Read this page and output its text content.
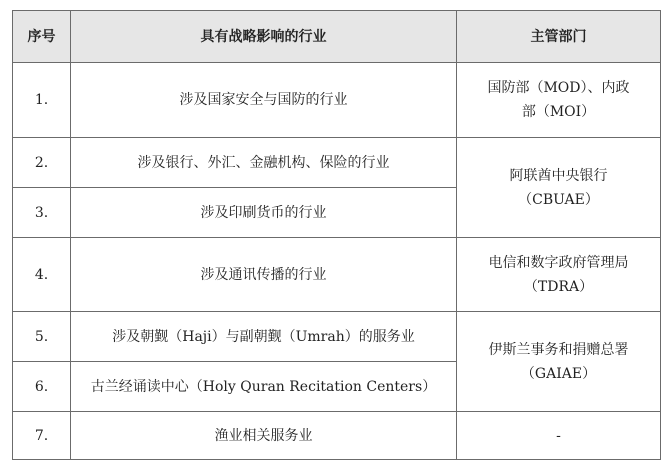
序号	具有战略影响的行业	主管部门
1.	涉及国家安全与国防的行业	国防部（MOD）、内政
部（MOI）

2.	涉及银行、外汇、金融机构、保险的行业	阿联酋中央银行
（CBUAE）

3.	涉及印刷货币的行业	
4.	涉及通讯传播的行业	电信和数字政府管理局
（TDRA）

5.	涉及朝觐（Haji）与副朝觐（Umrah）的服务业	伊斯兰事务和捐赠总署
（GAIAE）

6.	古兰经诵读中心（Holy Quran Recitation Centers）	
7.	渔业相关服务业	-
